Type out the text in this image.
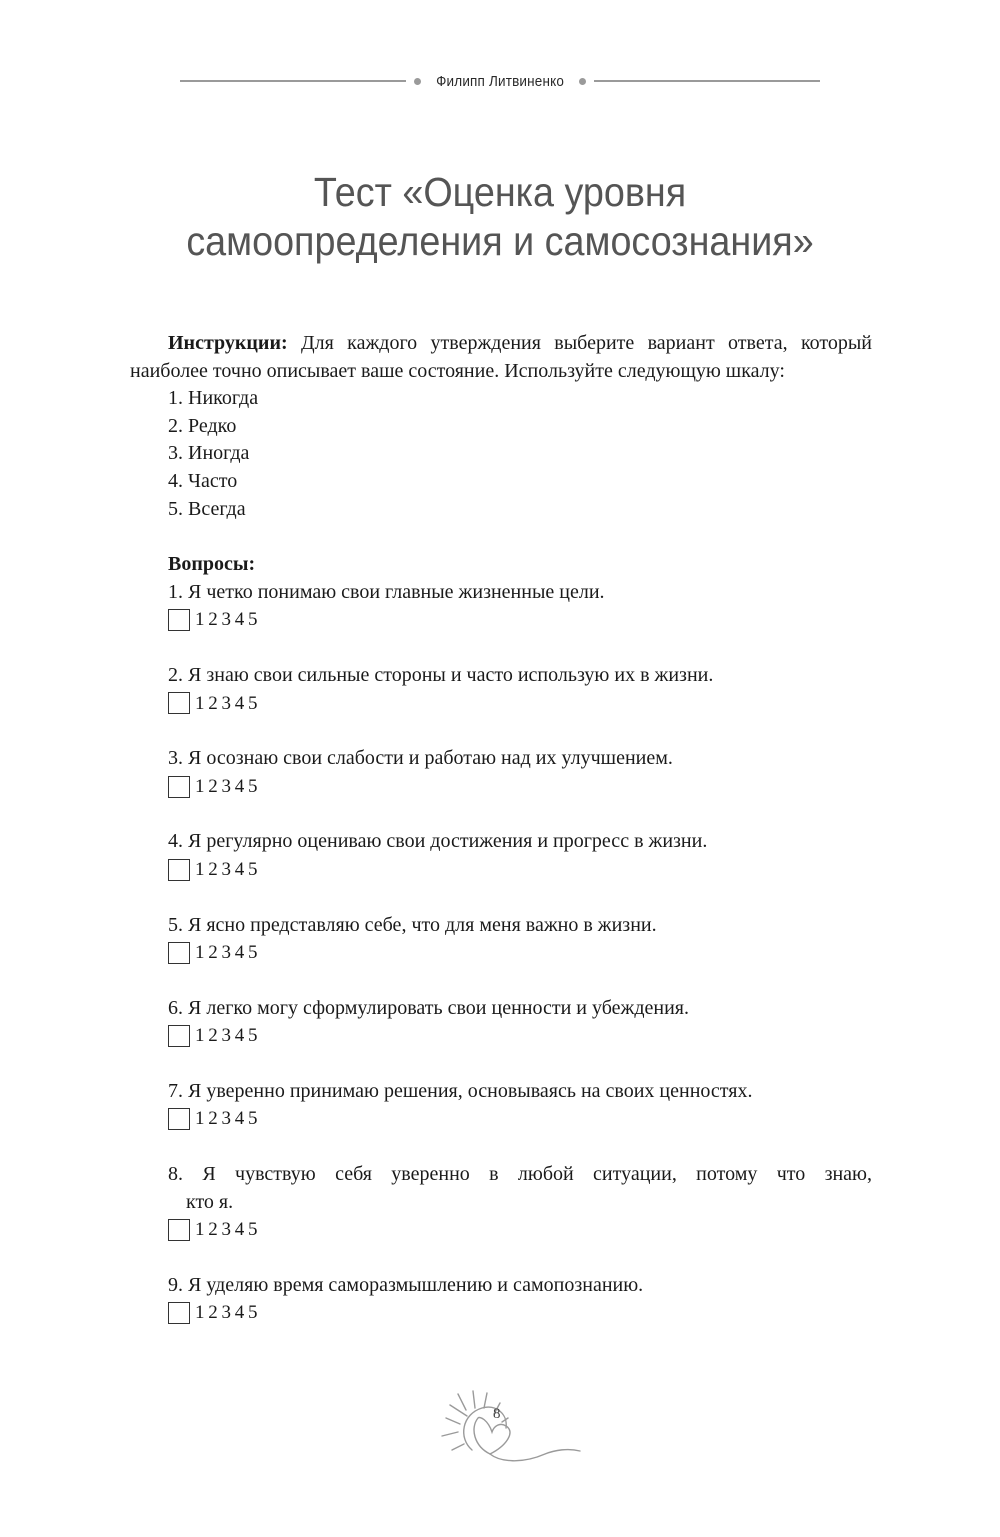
Филипп Литвиненко
Тест «Оценка уровня
самоопределения и самосознания»

Инструкции: Для каждого утверждения выберите вариант ответа, который наиболее точно описывает ваше состояние. Используйте следующую шкалу:

1. Никогда
2. Редко
3. Иногда
4. Часто
5. Всегда
Вопросы:

1. Я четко понимаю свои главные жизненные цели.

1 2 3 4 5

2. Я знаю свои сильные стороны и часто использую их в жизни.

1 2 3 4 5

3. Я осознаю свои слабости и работаю над их улучшением.

1 2 3 4 5

4. Я регулярно оцениваю свои достижения и прогресс в жизни.

1 2 3 4 5

5. Я ясно представляю себе, что для меня важно в жизни.

1 2 3 4 5

6. Я легко могу сформулировать свои ценности и убеждения.

1 2 3 4 5

7. Я уверенно принимаю решения, основываясь на своих ценностях.

1 2 3 4 5

8. Я чувствую себя уверенно в любой ситуации, потому что знаю,

кто я.

1 2 3 4 5

9. Я уделяю время саморазмышлению и самопознанию.

1 2 3 4 5
8
